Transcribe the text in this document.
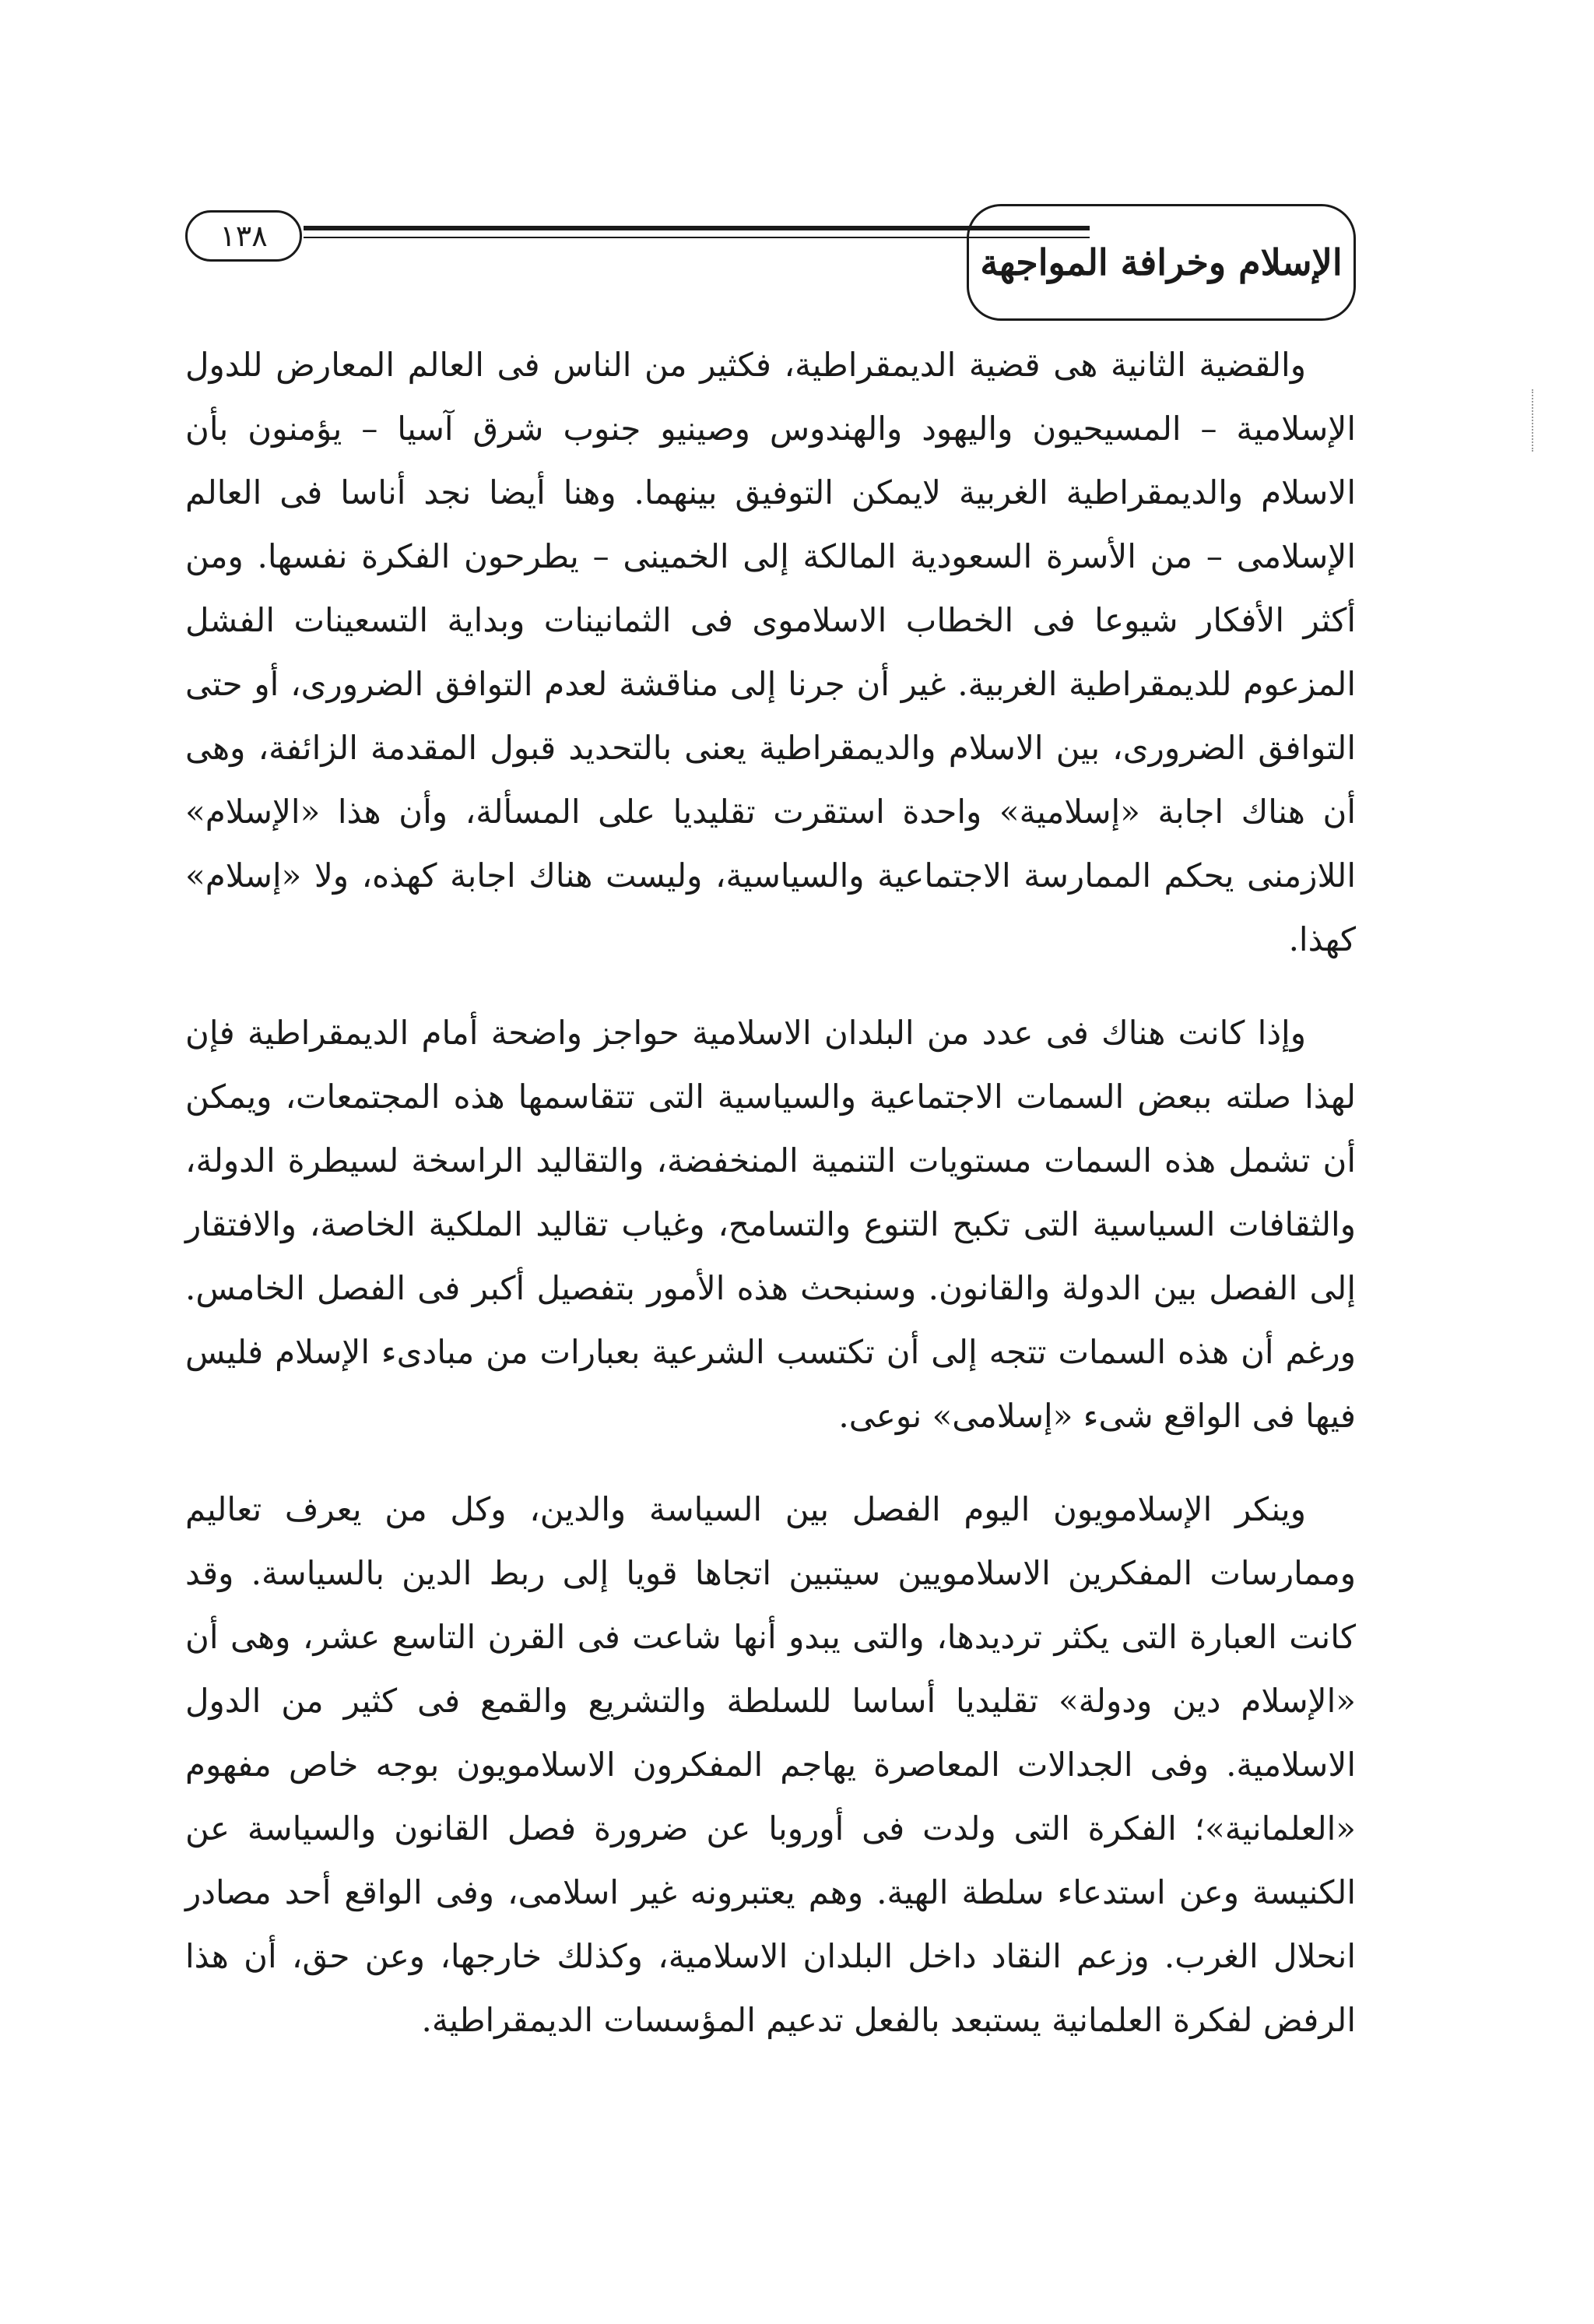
١٣٨
الإسلام وخرافة المواجهة

والقضية الثانية هى قضية الديمقراطية، فكثير من الناس فى العالم المعارض للدول الإسلامية – المسيحيون واليهود والهندوس وصينيو جنوب شرق آسيا – يؤمنون بأن الاسلام والديمقراطية الغربية لايمكن التوفيق بينهما. وهنا أيضا نجد أناسا فى العالم الإسلامى – من الأسرة السعودية المالكة إلى الخمينى – يطرحون الفكرة نفسها. ومن أكثر الأفكار شيوعا فى الخطاب الاسلاموى فى الثمانينات وبداية التسعينات الفشل المزعوم للديمقراطية الغربية. غير أن جرنا إلى مناقشة لعدم التوافق الضرورى، أو حتى التوافق الضرورى، بين الاسلام والديمقراطية يعنى بالتحديد قبول المقدمة الزائفة، وهى أن هناك اجابة «إسلامية» واحدة استقرت تقليديا على المسألة، وأن هذا «الإسلام» اللازمنى يحكم الممارسة الاجتماعية والسياسية، وليست هناك اجابة كهذه، ولا «إسلام» كهذا.

وإذا كانت هناك فى عدد من البلدان الاسلامية حواجز واضحة أمام الديمقراطية فإن لهذا صلته ببعض السمات الاجتماعية والسياسية التى تتقاسمها هذه المجتمعات، ويمكن أن تشمل هذه السمات مستويات التنمية المنخفضة، والتقاليد الراسخة لسيطرة الدولة، والثقافات السياسية التى تكبح التنوع والتسامح، وغياب تقاليد الملكية الخاصة، والافتقار إلى الفصل بين الدولة والقانون. وسنبحث هذه الأمور بتفصيل أكبر فى الفصل الخامس. ورغم أن هذه السمات تتجه إلى أن تكتسب الشرعية بعبارات من مبادىء الإسلام فليس فيها فى الواقع شىء «إسلامى» نوعى.

وينكر الإسلامويون اليوم الفصل بين السياسة والدين، وكل من يعرف تعاليم وممارسات المفكرين الاسلامويين سيتبين اتجاها قويا إلى ربط الدين بالسياسة. وقد كانت العبارة التى يكثر ترديدها، والتى يبدو أنها شاعت فى القرن التاسع عشر، وهى أن «الإسلام دين ودولة» تقليديا أساسا للسلطة والتشريع والقمع فى كثير من الدول الاسلامية. وفى الجدالات المعاصرة يهاجم المفكرون الاسلامويون بوجه خاص مفهوم «العلمانية»؛ الفكرة التى ولدت فى أوروبا عن ضرورة فصل القانون والسياسة عن الكنيسة وعن استدعاء سلطة الهية. وهم يعتبرونه غير اسلامى، وفى الواقع أحد مصادر انحلال الغرب. وزعم النقاد داخل البلدان الاسلامية، وكذلك خارجها، وعن حق، أن هذا الرفض لفكرة العلمانية يستبعد بالفعل تدعيم المؤسسات الديمقراطية.
